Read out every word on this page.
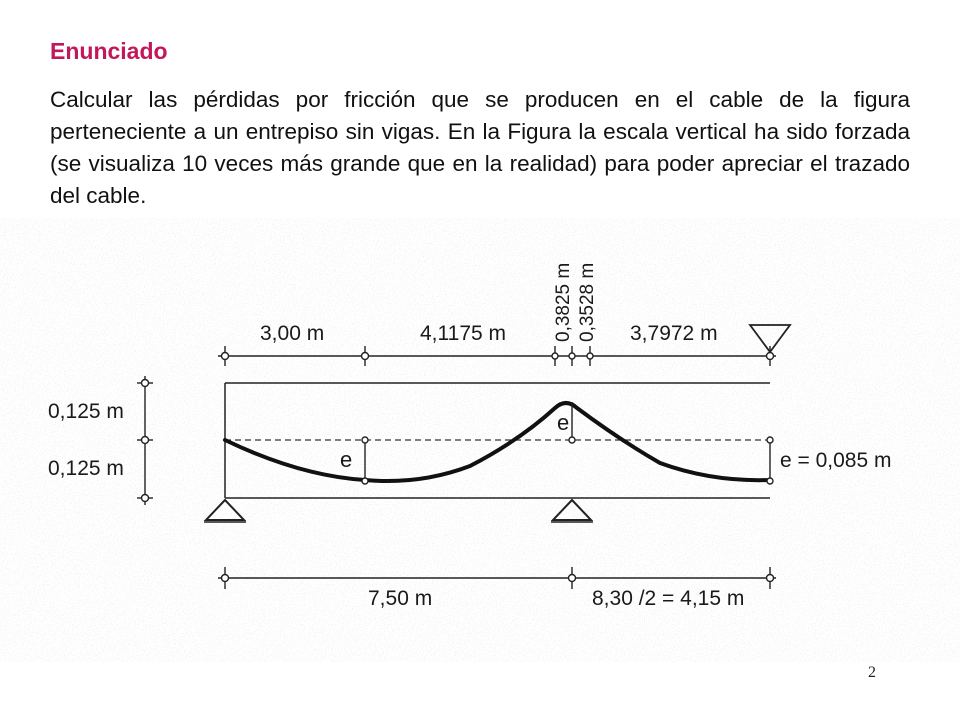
Enunciado

Calcular las pérdidas por fricción que se producen en el cable de la figura perteneciente a un entrepiso sin vigas. En la Figura la escala vertical ha sido forzada (se visualiza 10 veces más grande que en la realidad) para poder apreciar el trazado del cable.

3,00 m	4,1175 m 0,3825 m 0,3528 m 3,7972 m
0,125 m
0,125 m	e
e
e = 0,085 m
7,50 m	8,30 /2 = 4,15 m
2
